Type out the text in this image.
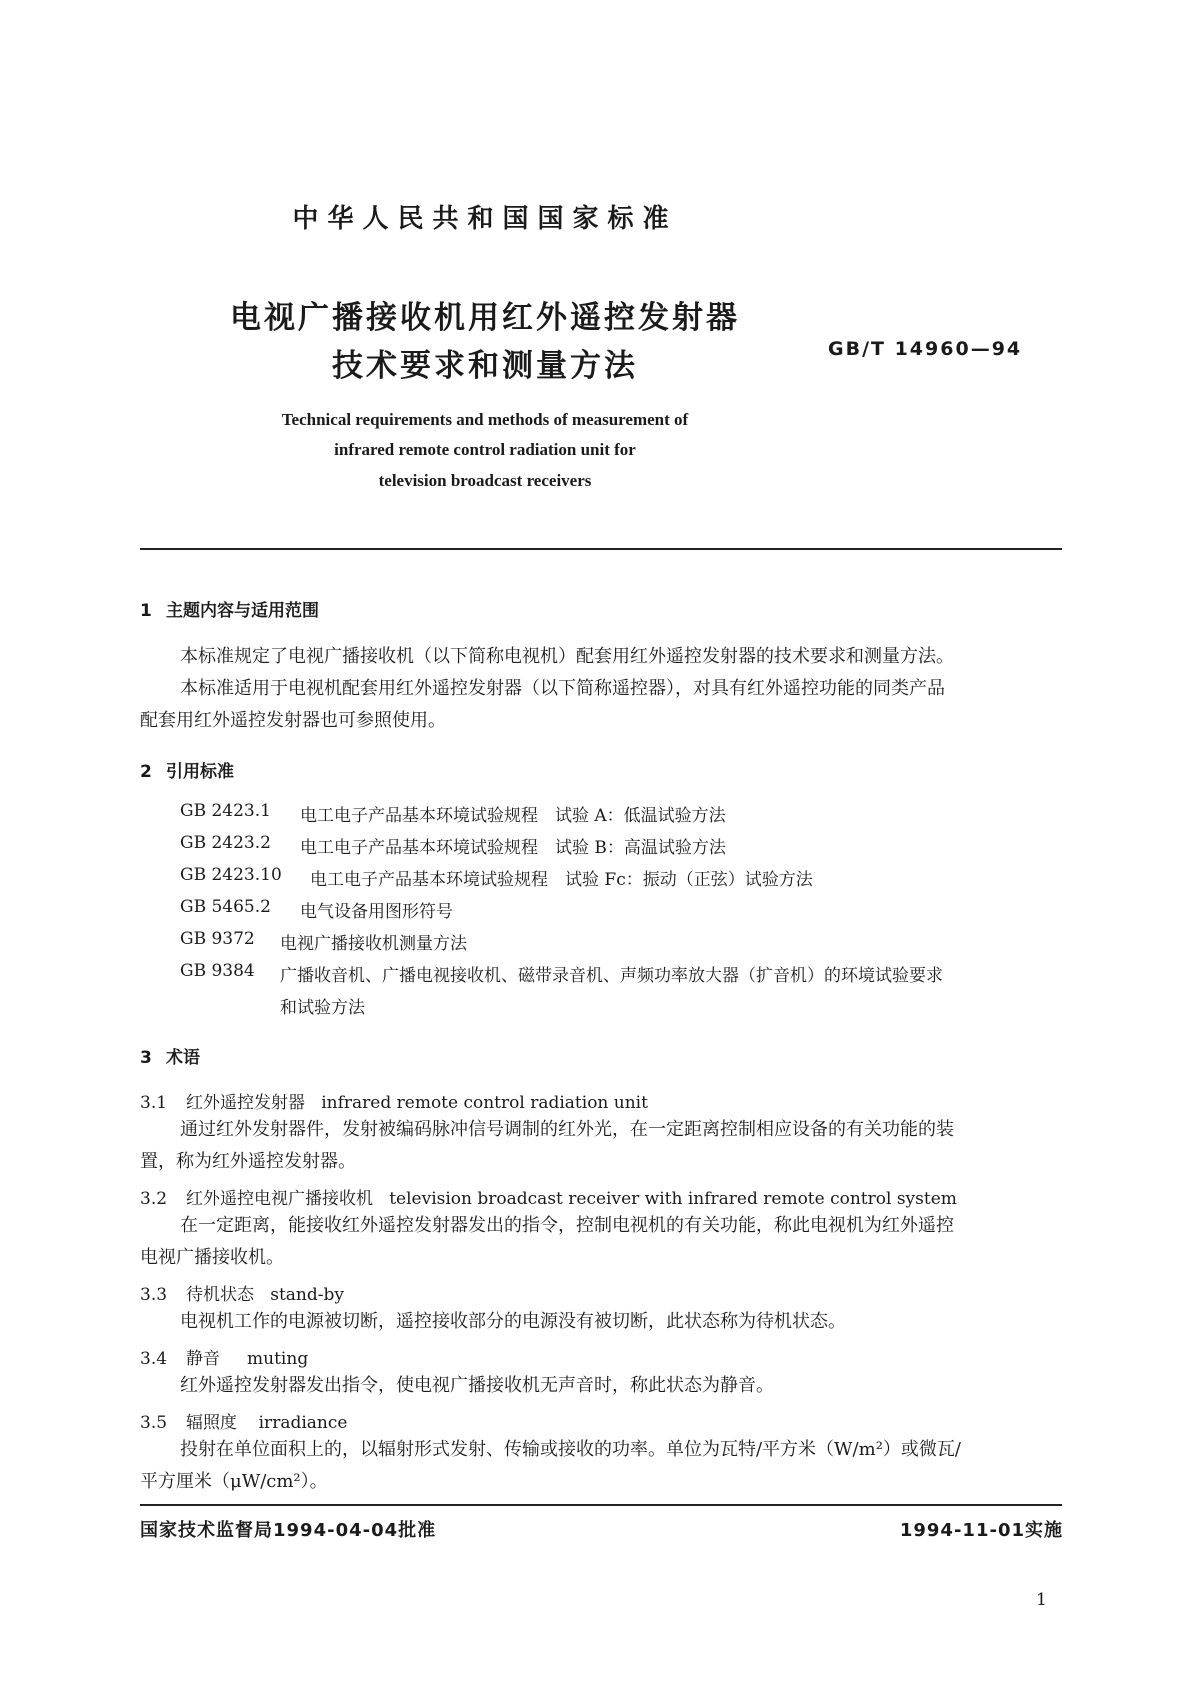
中华人民共和国国家标准
电视广播接收机用红外遥控发射器
技术要求和测量方法	GB/T 14960—94
Technical requirements and methods of measurement of
infrared remote control radiation unit for
television broadcast receivers
1 主题内容与适用范围
本标准规定了电视广播接收机（以下简称电视机）配套用红外遥控发射器的技术要求和测量方法。
本标准适用于电视机配套用红外遥控发射器（以下简称遥控器），对具有红外遥控功能的同类产品
配套用红外遥控发射器也可参照使用。
2 引用标准
GB 2423.1 电工电子产品基本环境试验规程　试验 A：低温试验方法
GB 2423.2 电工电子产品基本环境试验规程　试验 B：高温试验方法
GB 2423.10 电工电子产品基本环境试验规程　试验 Fc：振动（正弦）试验方法
GB 5465.2 电气设备用图形符号
GB 9372 电视广播接收机测量方法
GB 9384 广播收音机、广播电视接收机、磁带录音机、声频功率放大器（扩音机）的环境试验要求
和试验方法
3 术语
3.1 红外遥控发射器 infrared remote control radiation unit
通过红外发射器件，发射被编码脉冲信号调制的红外光，在一定距离控制相应设备的有关功能的装
置，称为红外遥控发射器。
3.2 红外遥控电视广播接收机 television broadcast receiver with infrared remote control system
在一定距离，能接收红外遥控发射器发出的指令，控制电视机的有关功能，称此电视机为红外遥控
电视广播接收机。
3.3 待机状态 stand-by
电视机工作的电源被切断，遥控接收部分的电源没有被切断，此状态称为待机状态。
3.4 静音 muting
红外遥控发射器发出指令，使电视广播接收机无声音时，称此状态为静音。
3.5 辐照度 irradiance
投射在单位面积上的，以辐射形式发射、传输或接收的功率。单位为瓦特/平方米（W/m²）或微瓦/
平方厘米（μW/cm²）。
国家技术监督局1994-04-04批准	1994-11-01实施
1
